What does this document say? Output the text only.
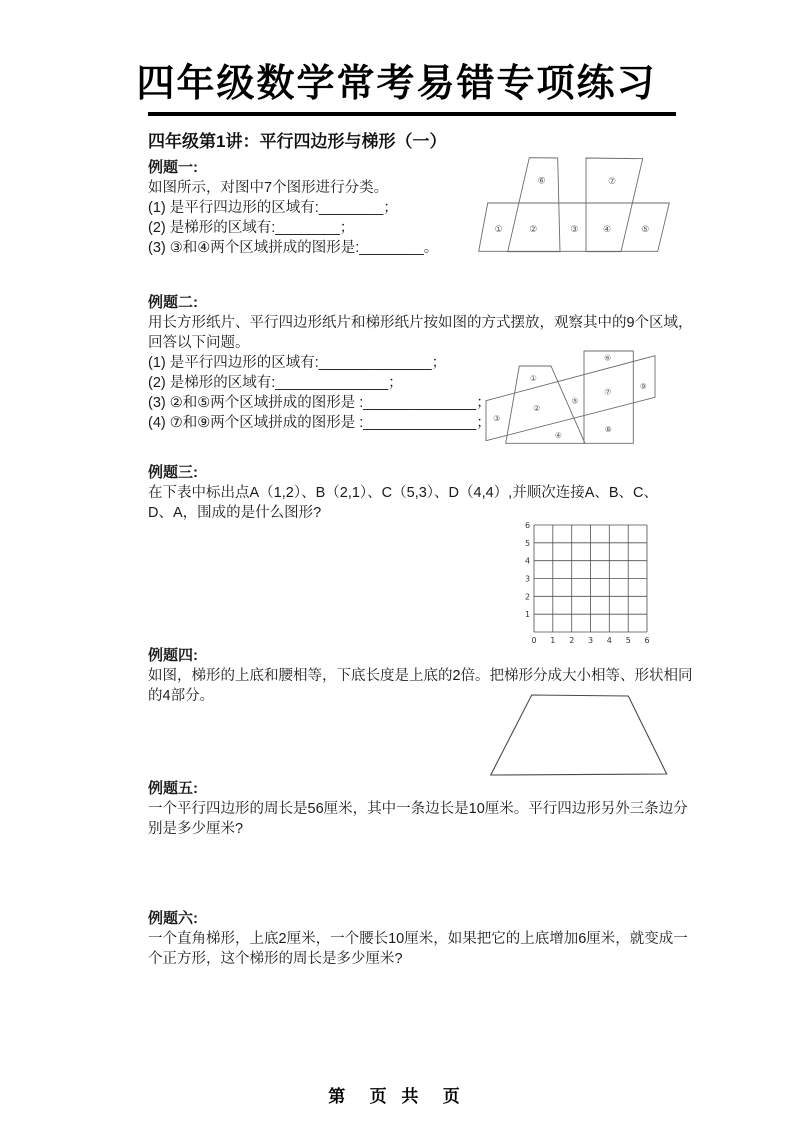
四年级数学常考易错专项练习
四年级第1讲：平行四边形与梯形（一）
例题一:
如图所示，对图中7个图形进行分类。
(1) 是平行四边形的区域有:________；
(2) 是梯形的区域有:________；
(3) ③和④两个区域拼成的图形是:________。
①	②	③	④	⑤
⑥	⑦
例题二:
用长方形纸片、平行四边形纸片和梯形纸片按如图的方式摆放，观察其中的9个区域，
回答以下问题。
(1) 是平行四边形的区域有:______________；
(2) 是梯形的区域有:______________；
(3) ②和⑤两个区域拼成的图形是 :______________；
(4) ⑦和⑨两个区域拼成的图形是 :______________；
①
②
③
④
⑤
⑥
⑦
⑧
⑨
例题三:
在下表中标出点A（1,2）、B（2,1）、C（5,3）、D（4,4）,并顺次连接A、B、C、
D、A，围成的是什么图形?
6
5
4
3
2
1
0 1 2 3 4 5 6
例题四:
如图，梯形的上底和腰相等，下底长度是上底的2倍。把梯形分成大小相等、形状相同
的4部分。
例题五:
一个平行四边形的周长是56厘米，其中一条边长是10厘米。平行四边形另外三条边分
别是多少厘米?
例题六:
一个直角梯形，上底2厘米，一个腰长10厘米，如果把它的上底增加6厘米，就变成一
个正方形，这个梯形的周长是多少厘米?
第  页 共  页
